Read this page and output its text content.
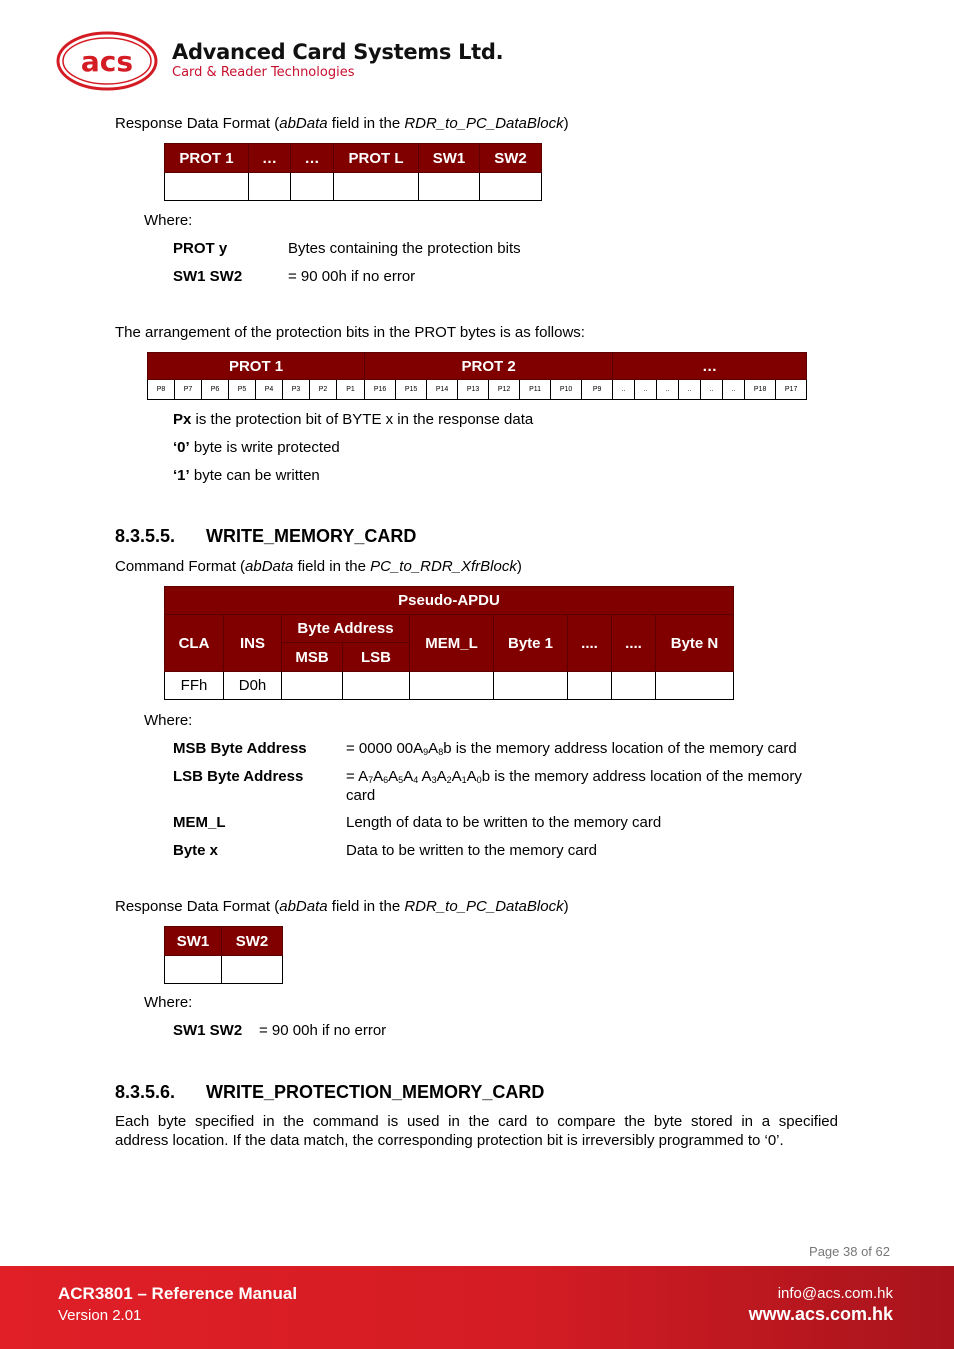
acs Advanced Card Systems Ltd.
Card & Reader Technologies
Response Data Format (abData field in the RDR_to_PC_DataBlock)
PROT 1	…	…	PROT L	SW1	SW2

Where:
PROT y	Bytes containing the protection bits
SW1 SW2	= 90 00h if no error
The arrangement of the protection bits in the PROT bytes is as follows:
PROT 1								PROT 2								…							
P8	P7	P6	P5	P4	P3	P2	P1	P16	P15	P14	P13	P12	P11	P10	P9	..	..	..	..	..	..	P18	P17
Px is the protection bit of BYTE x in the response data
‘0’ byte is write protected
‘1’ byte can be written
8.3.5.5. WRITE_MEMORY_CARD
Command Format (abData field in the PC_to_RDR_XfrBlock)
Pseudo-APDU								
CLA	INS	Byte Address		MEM_L	Byte 1	....	....	Byte N
		MSB	LSB					
FFh	D0h							
Where:
MSB Byte Address	= 0000 $00A_9A_8b$ is the memory address location of the memory card
LSB Byte Address	= $A_7A_6A_5A_4$ $A_3A_2A_1A_0b$ is the memory address location of the memory
card
MEM_L	Length of data to be written to the memory card
Byte x	Data to be written to the memory card
Response Data Format (abData field in the RDR_to_PC_DataBlock)
SW1	SW2

Where:
SW1 SW2 = 90 00h if no error
8.3.5.6. WRITE_PROTECTION_MEMORY_CARD
Each byte specified in the command is used in the card to compare the byte stored in a specified
address location. If the data match, the corresponding protection bit is irreversibly programmed to ‘0’.
Page 38 of 62
ACR3801 – Reference Manual
Version 2.01
info@acs.com.hk
www.acs.com.hk
